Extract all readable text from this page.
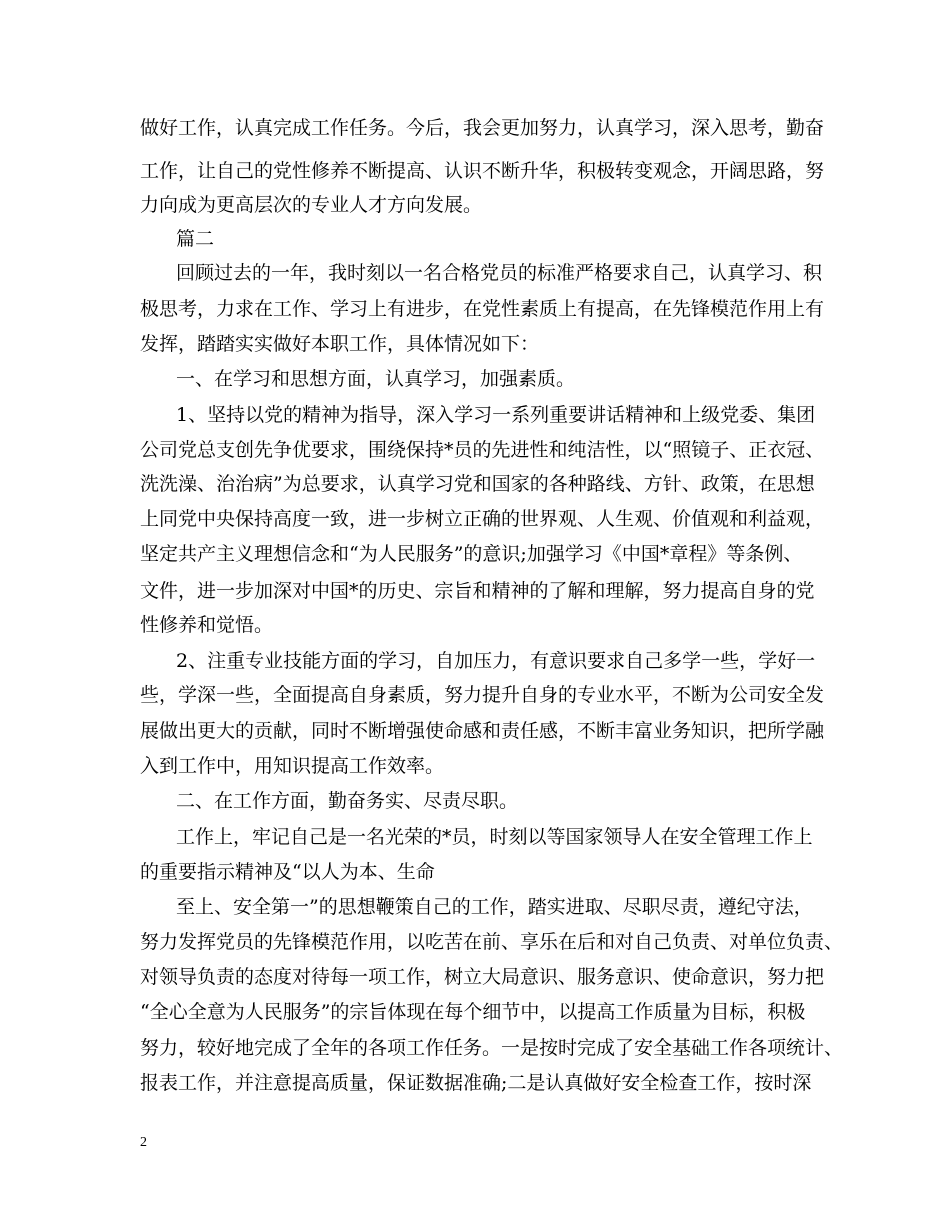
做好工作，认真完成工作任务。今后，我会更加努力，认真学习，深入思考，勤奋
工作，让自己的党性修养不断提高、认识不断升华，积极转变观念，开阔思路，努
力向成为更高层次的专业人才方向发展。
篇二
回顾过去的一年，我时刻以一名合格党员的标准严格要求自己，认真学习、积
极思考，力求在工作、学习上有进步，在党性素质上有提高，在先锋模范作用上有
发挥，踏踏实实做好本职工作，具体情况如下：
一、在学习和思想方面，认真学习，加强素质。
1、坚持以党的精神为指导，深入学习一系列重要讲话精神和上级党委、集团
公司党总支创先争优要求，围绕保持*员的先进性和纯洁性，以“照镜子、正衣冠、
洗洗澡、治治病”为总要求，认真学习党和国家的各种路线、方针、政策，在思想
上同党中央保持高度一致，进一步树立正确的世界观、人生观、价值观和利益观，
坚定共产主义理想信念和“为人民服务”的意识;加强学习《中国*章程》等条例、
文件，进一步加深对中国*的历史、宗旨和精神的了解和理解，努力提高自身的党
性修养和觉悟。
2、注重专业技能方面的学习，自加压力，有意识要求自己多学一些，学好一
些，学深一些，全面提高自身素质，努力提升自身的专业水平，不断为公司安全发
展做出更大的贡献，同时不断增强使命感和责任感，不断丰富业务知识，把所学融
入到工作中，用知识提高工作效率。
二、在工作方面，勤奋务实、尽责尽职。
工作上，牢记自己是一名光荣的*员，时刻以等国家领导人在安全管理工作上
的重要指示精神及“以人为本、生命
至上、安全第一”的思想鞭策自己的工作，踏实进取、尽职尽责，遵纪守法，
努力发挥党员的先锋模范作用，以吃苦在前、享乐在后和对自己负责、对单位负责、
对领导负责的态度对待每一项工作，树立大局意识、服务意识、使命意识，努力把
“全心全意为人民服务”的宗旨体现在每个细节中，以提高工作质量为目标，积极
努力，较好地完成了全年的各项工作任务。一是按时完成了安全基础工作各项统计、
报表工作，并注意提高质量，保证数据准确;二是认真做好安全检查工作，按时深
2
